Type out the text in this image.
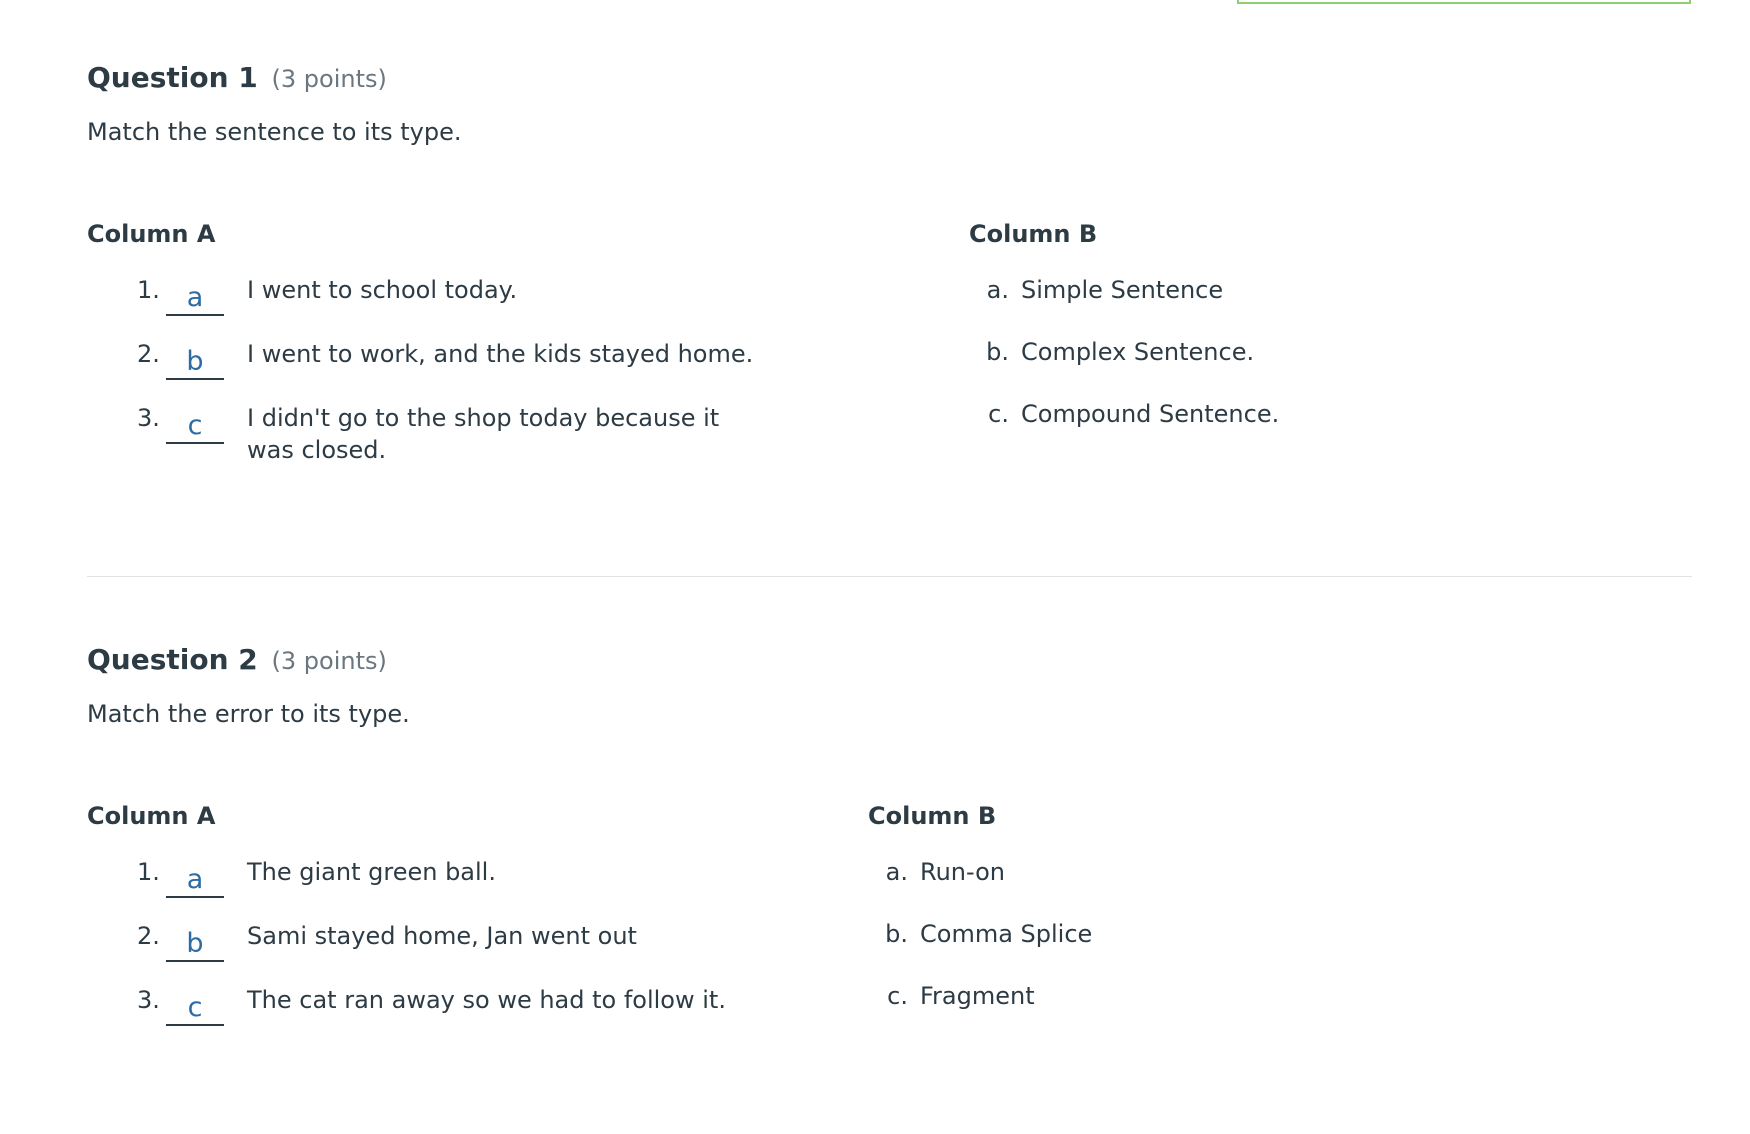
Question 1 (3 points)
Match the sentence to its type.
Column A	Column B
1. a	I went to school today.
2. b	I went to work, and the kids stayed home.
3.	c	I didn't go to the shop today because it was closed.
a. Simple Sentence
b. Complex Sentence.
c. Compound Sentence.
Question 2 (3 points)
Match the error to its type.
Column A	Column B
1. a	The giant green ball.
2. b	Sami stayed home, Jan went out
3.	c	The cat ran away so we had to follow it.
a. Run-on
b. Comma Splice
c. Fragment
